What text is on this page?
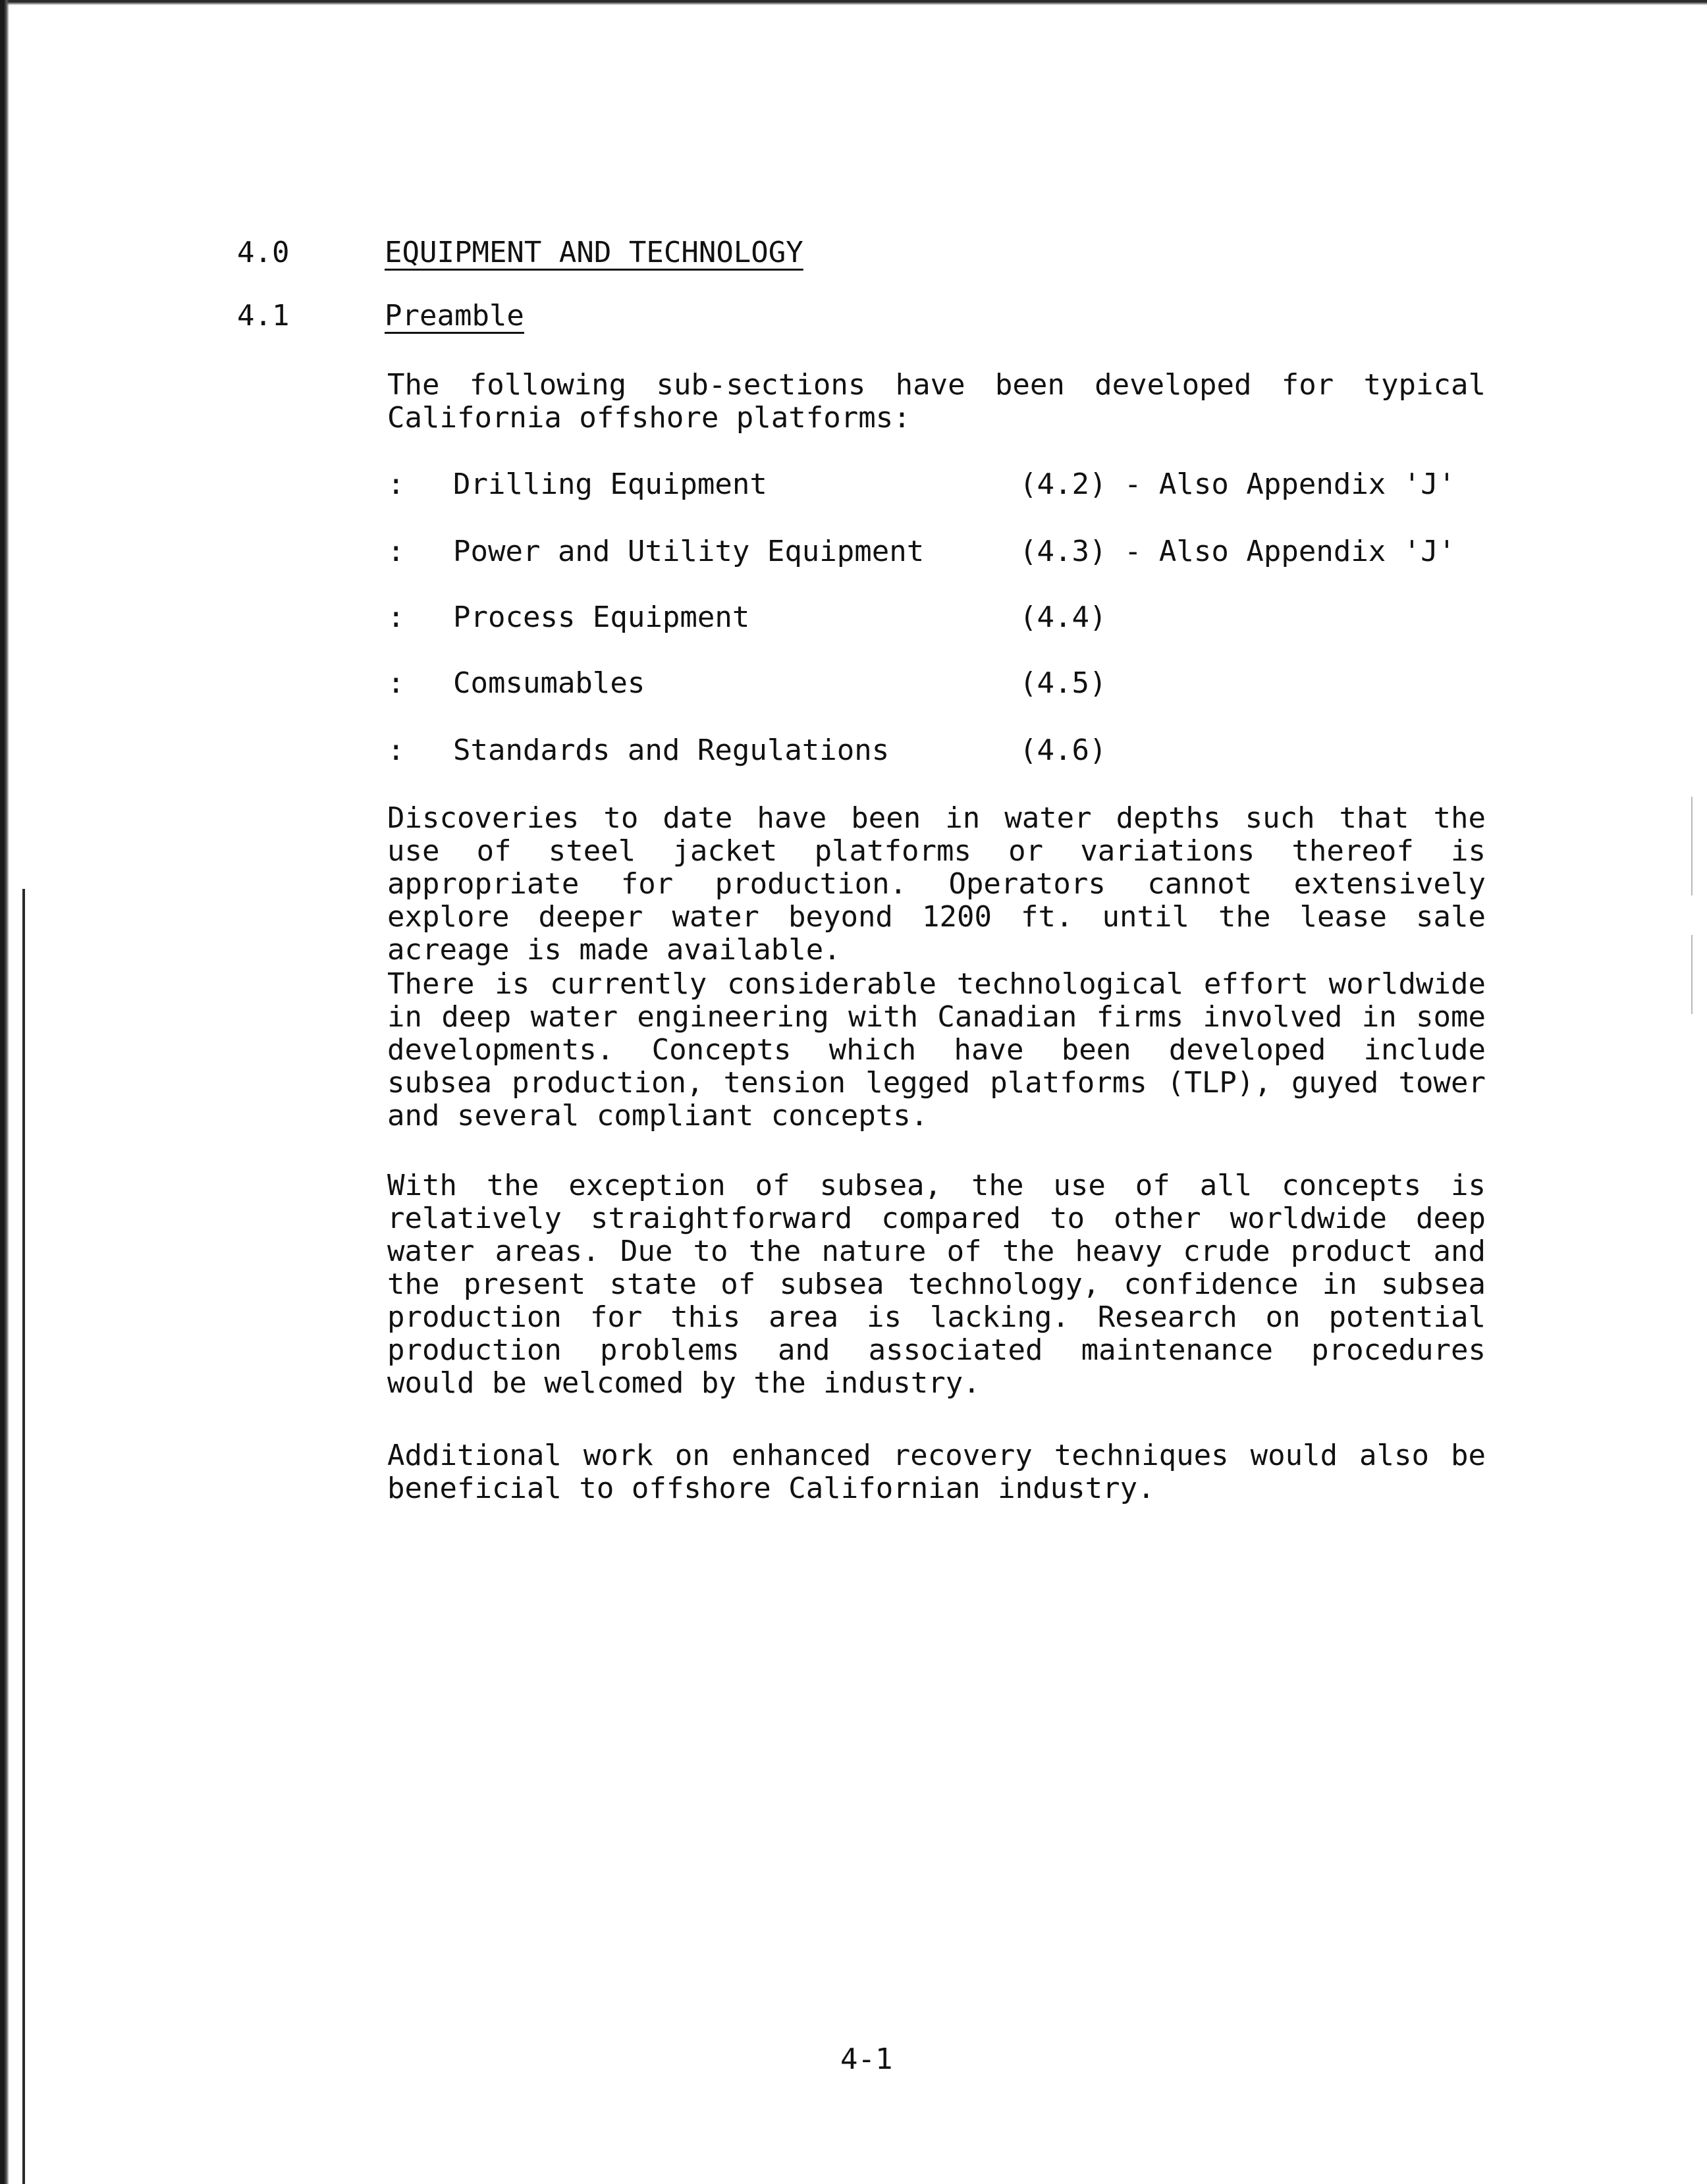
4.0	EQUIPMENT AND TECHNOLOGY
4.1	Preamble

The following sub-sections have been developed for typical California offshore platforms:

: Drilling Equipment	(4.2) - Also Appendix 'J'
: Power and Utility Equipment	(4.3) - Also Appendix 'J'
: Process Equipment	(4.4)
: Comsumables	(4.5)
: Standards and Regulations	(4.6)

Discoveries to date have been in water depths such that the use of steel jacket platforms or variations thereof is appropriate for production. Operators cannot extensively explore deeper water beyond 1200 ft. until the lease sale acreage is made available.

There is currently considerable technological effort worldwide in deep water engineering with Canadian firms involved in some developments. Concepts which have been developed include subsea production, tension legged platforms (TLP), guyed tower and several compliant concepts.

With the exception of subsea, the use of all concepts is relatively straightforward compared to other worldwide deep water areas. Due to the nature of the heavy crude product and the present state of subsea technology, confidence in subsea production for this area is lacking. Research on potential production problems and associated maintenance procedures would be welcomed by the industry.

Additional work on enhanced recovery techniques would also be beneficial to offshore Californian industry.

4-1
